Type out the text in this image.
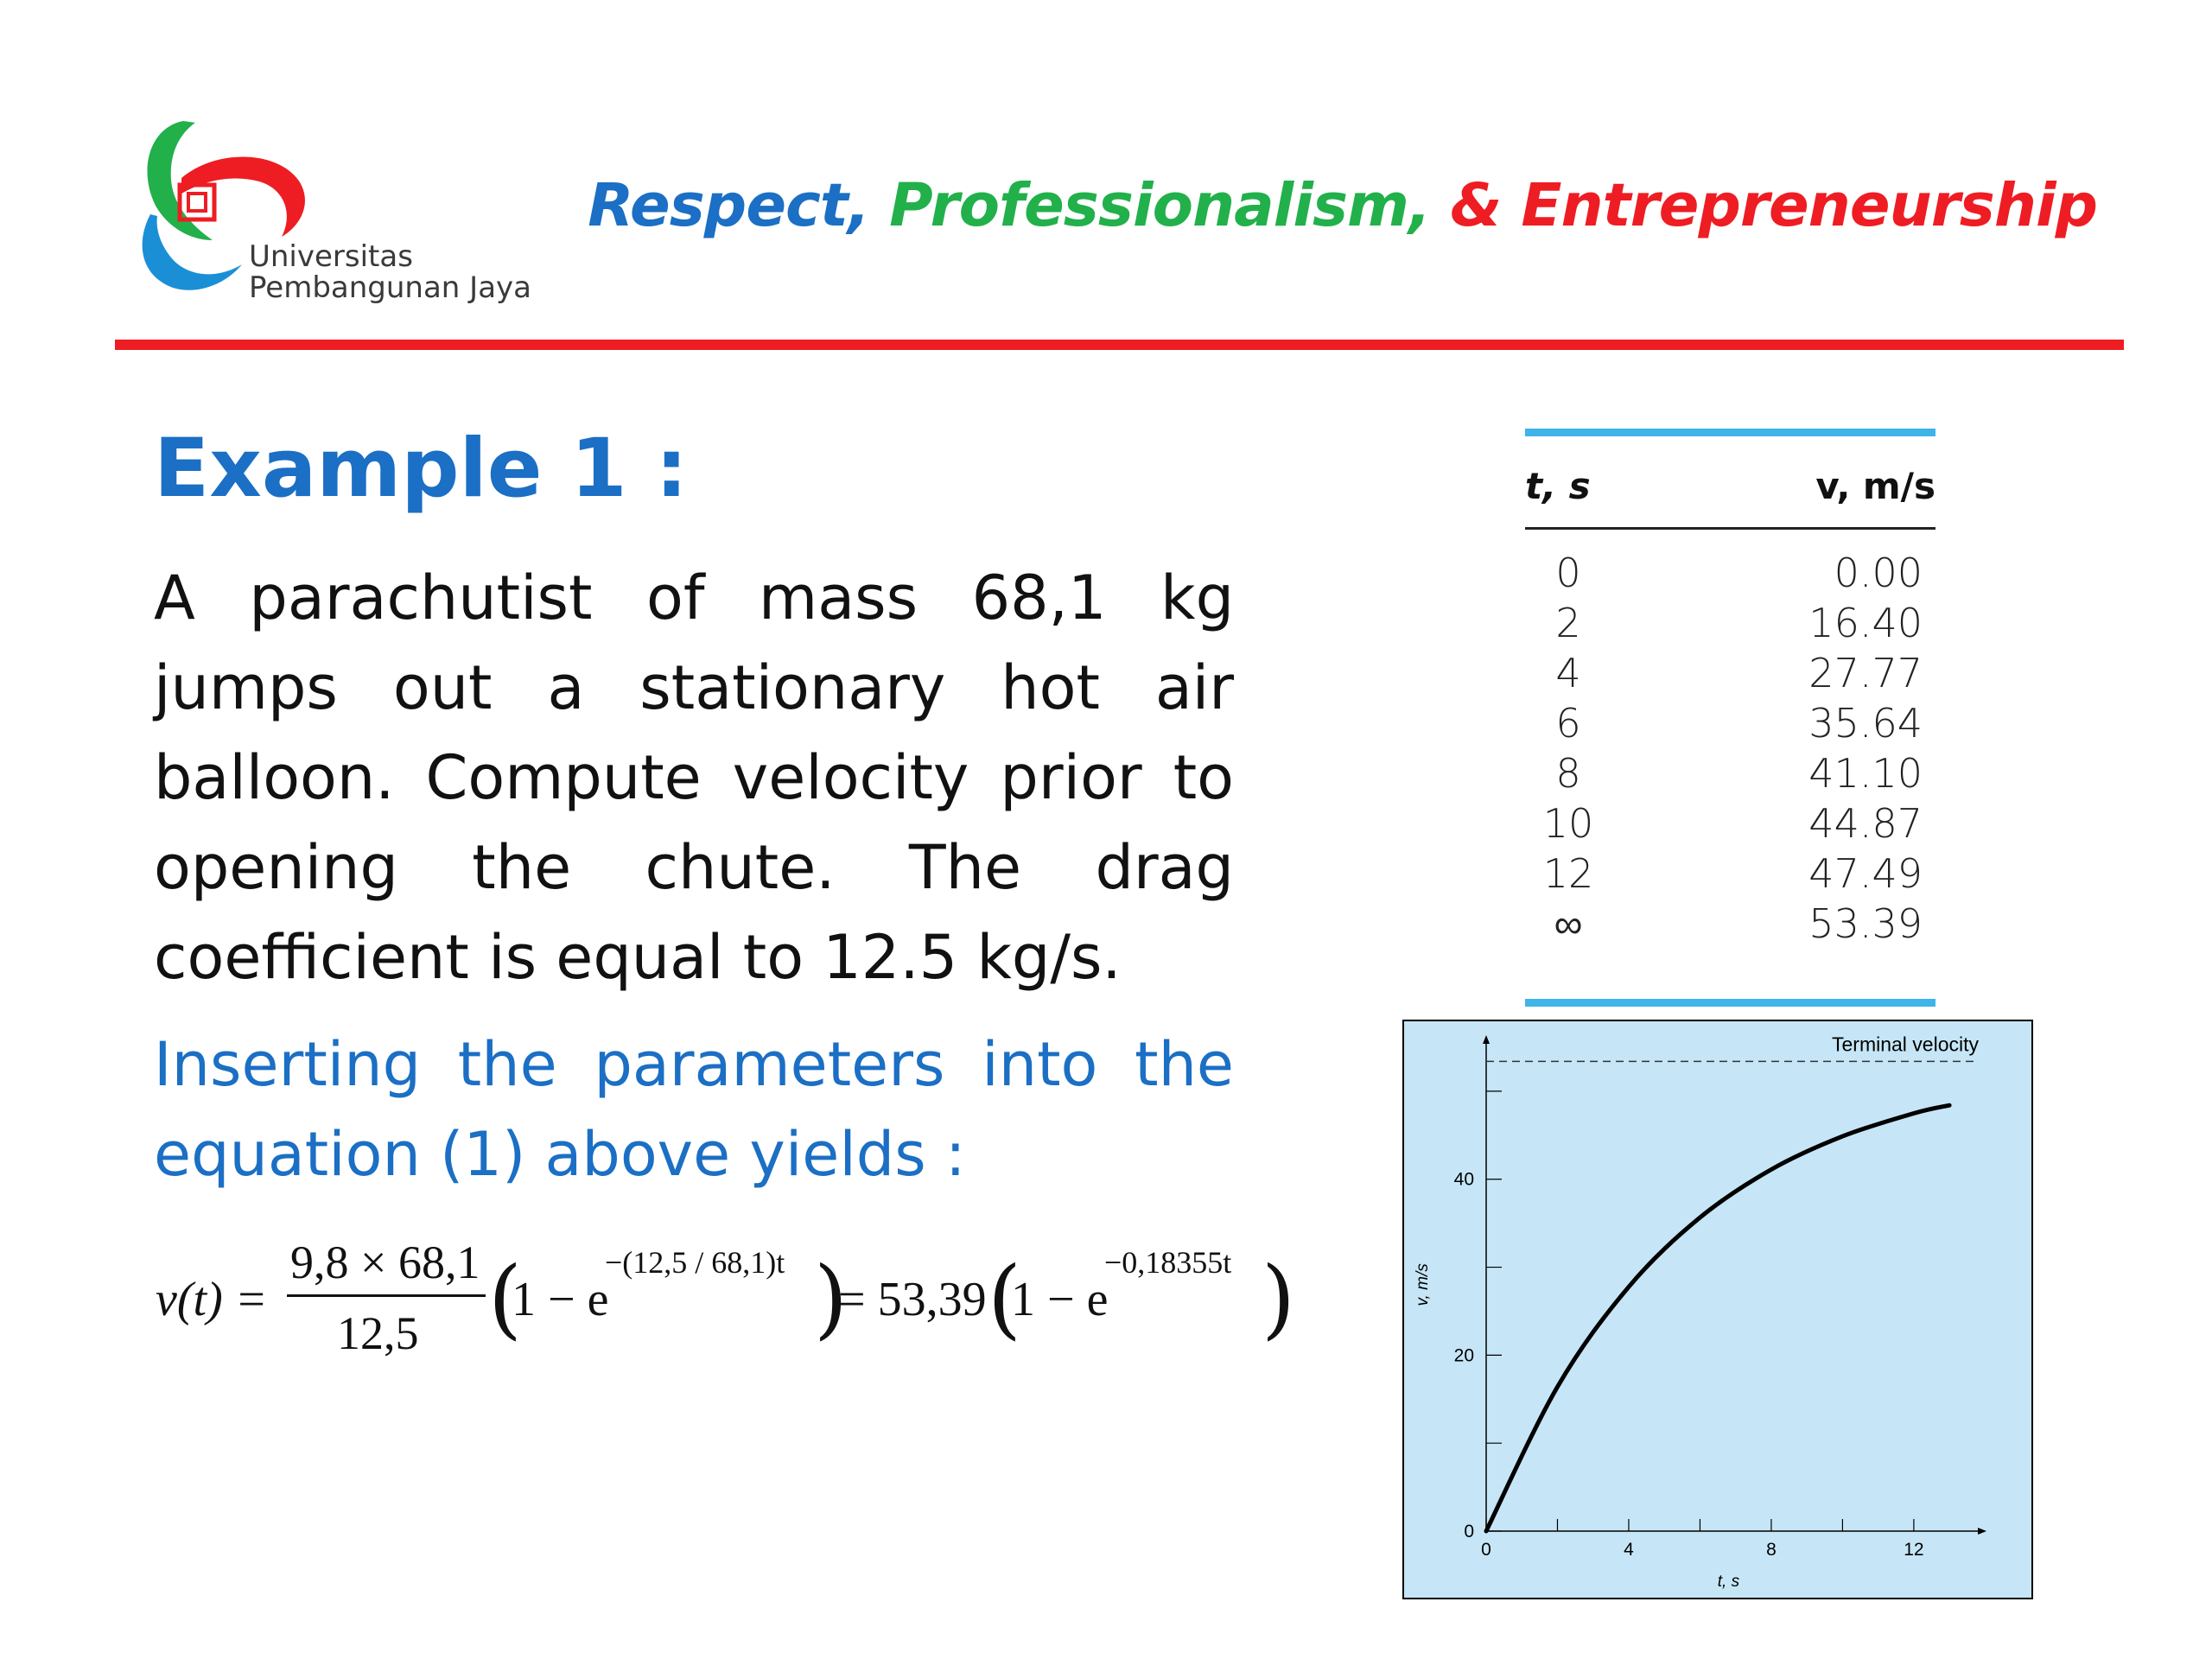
Universitas
Pembangunan Jaya
Respect, Professionalism, & Entrepreneurship
Example 1 :
A parachutist of mass 68,1 kg jumps out a stationary hot air balloon. Compute velocity prior to opening the chute. The drag coefficient is equal to 12.5 kg/s.
Inserting the parameters into the equation (1) above yields :
v(t) =
9,8 × 68,1
12,5 (
1 − e
−(12,5 / 68,1)t )
= 53,39 (
1 − e
−0,18355t )
t, s	v, m/s
0	0.00
2	16.40
4	27.77
6	35.64
8	41.10
10	44.87
12	47.49
∞	53.39
0	4	8	12
0
20
40
t, s
v, m/s
Terminal velocity
